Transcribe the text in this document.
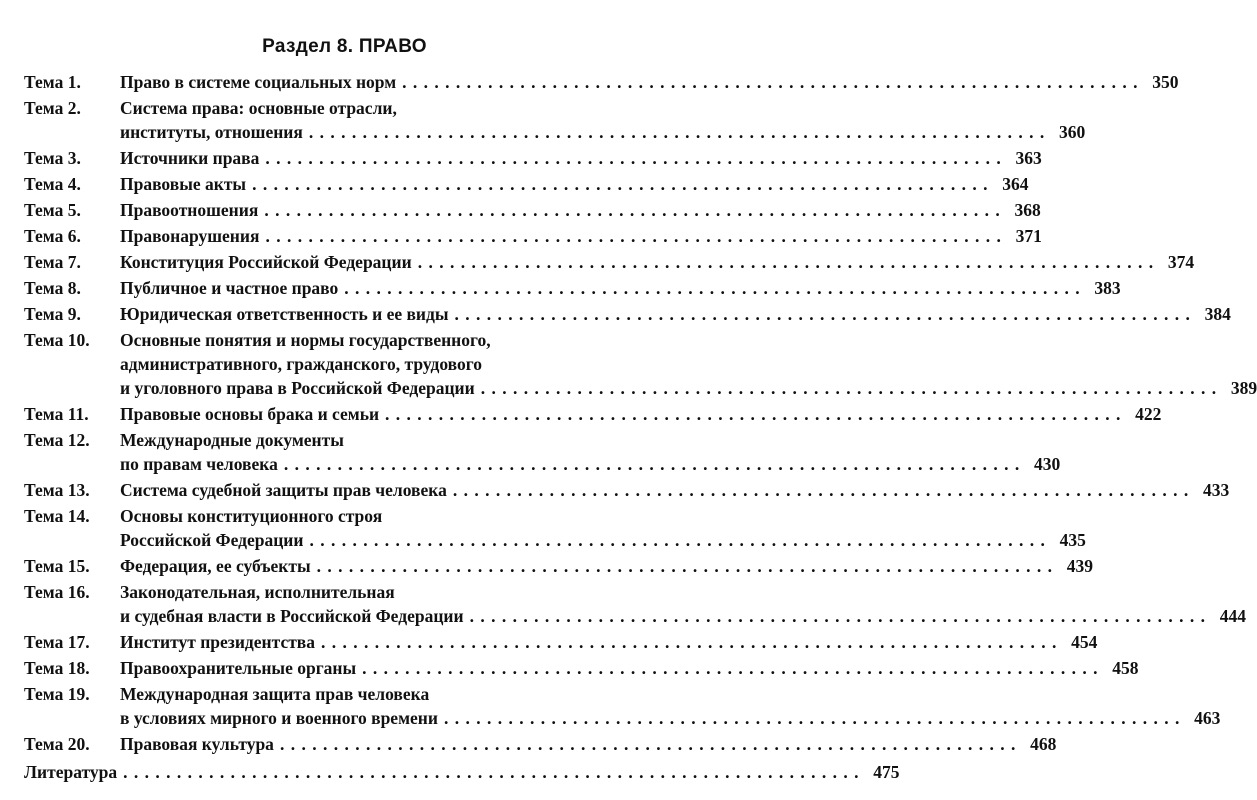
Раздел 8. ПРАВО
Тема 1.	Право в системе социальных норм . . .	350
Тема 2.	Система права: основные отрасли,
институты, отношения . . .	360
Тема 3.	Источники права . . .	363
Тема 4.	Правовые акты . . .	364
Тема 5.	Правоотношения . . .	368
Тема 6.	Правонарушения . . .	371
Тема 7.	Конституция Российской Федерации . . .	374
Тема 8.	Публичное и частное право . . .	383
Тема 9.	Юридическая ответственность и ее виды . . .	384
Тема 10.	Основные понятия и нормы государственного,
административного, гражданского, трудового
и уголовного права в Российской Федерации . . .	389
Тема 11.	Правовые основы брака и семьи . . .	422
Тема 12.	Международные документы
по правам человека . . .	430
Тема 13.	Система судебной защиты прав человека . . .	433
Тема 14.	Основы конституционного строя
Российской Федерации . . .	435
Тема 15.	Федерация, ее субъекты . . .	439
Тема 16.	Законодательная, исполнительная
и судебная власти в Российской Федерации . . .	444
Тема 17.	Институт президентства . . .	454
Тема 18.	Правоохранительные органы . . .	458
Тема 19.	Международная защита прав человека
в условиях мирного и военного времени . . .	463
Тема 20.	Правовая культура . . .	468
Литература . . .	475
